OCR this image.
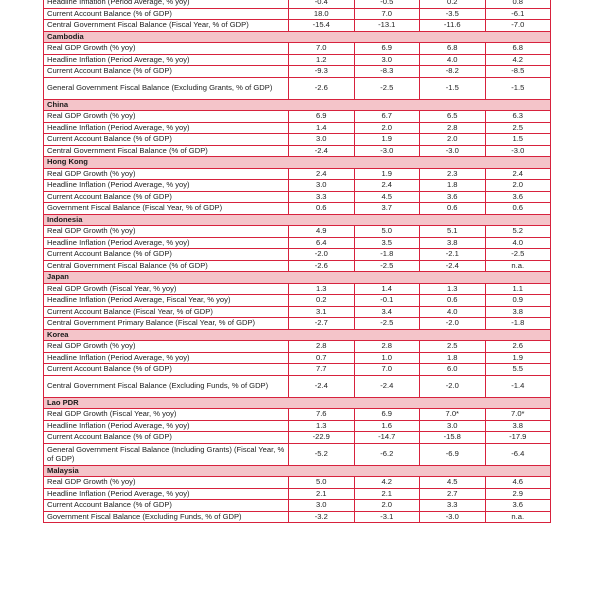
Headline Inflation (Period Average, % yoy)	-0.4	-0.5	0.2	0.8
Current Account Balance (% of GDP)	18.0	7.0	-3.5	-6.1
Central Government Fiscal Balance (Fiscal Year, % of GDP)	-15.4	-13.1	-11.6	-7.0
Cambodia				
Real GDP Growth (% yoy)	7.0	6.9	6.8	6.8
Headline Inflation (Period Average, % yoy)	1.2	3.0	4.0	4.2
Current Account Balance (% of GDP)	-9.3	-8.3	-8.2	-8.5
General Government Fiscal Balance (Excluding Grants, % of GDP)	-2.6	-2.5	-1.5	-1.5
China				
Real GDP Growth (% yoy)	6.9	6.7	6.5	6.3
Headline Inflation (Period Average, % yoy)	1.4	2.0	2.8	2.5
Current Account Balance (% of GDP)	3.0	1.9	2.0	1.5
Central Government Fiscal Balance (% of GDP)	-2.4	-3.0	-3.0	-3.0
Hong Kong				
Real GDP Growth (% yoy)	2.4	1.9	2.3	2.4
Headline Inflation (Period Average, % yoy)	3.0	2.4	1.8	2.0
Current Account Balance (% of GDP)	3.3	4.5	3.6	3.6
Government Fiscal Balance (Fiscal Year, % of GDP)	0.6	3.7	0.6	0.6
Indonesia				
Real GDP Growth (% yoy)	4.9	5.0	5.1	5.2
Headline Inflation (Period Average, % yoy)	6.4	3.5	3.8	4.0
Current Account Balance (% of GDP)	-2.0	-1.8	-2.1	-2.5
Central Government Fiscal Balance (% of GDP)	-2.6	-2.5	-2.4	n.a.
Japan				
Real GDP Growth (Fiscal Year, % yoy)	1.3	1.4	1.3	1.1
Headline Inflation (Period Average, Fiscal Year, % yoy)	0.2	-0.1	0.6	0.9
Current Account Balance (Fiscal Year, % of GDP)	3.1	3.4	4.0	3.8
Central Government Primary Balance (Fiscal Year, % of GDP)	-2.7	-2.5	-2.0	-1.8
Korea				
Real GDP Growth (% yoy)	2.8	2.8	2.5	2.6
Headline Inflation (Period Average, % yoy)	0.7	1.0	1.8	1.9
Current Account Balance (% of GDP)	7.7	7.0	6.0	5.5
Central Government Fiscal Balance (Excluding Funds, % of GDP)	-2.4	-2.4	-2.0	-1.4
Lao PDR				
Real GDP Growth (Fiscal Year, % yoy)	7.6	6.9	7.0*	7.0*
Headline Inflation (Period Average, % yoy)	1.3	1.6	3.0	3.8
Current Account Balance (% of GDP)	-22.9	-14.7	-15.8	-17.9
General Government Fiscal Balance (Including Grants) (Fiscal Year, % of GDP)	-5.2	-6.2	-6.9	-6.4
Malaysia				
Real GDP Growth (% yoy)	5.0	4.2	4.5	4.6
Headline Inflation (Period Average, % yoy)	2.1	2.1	2.7	2.9
Current Account Balance (% of GDP)	3.0	2.0	3.3	3.6
Government Fiscal Balance (Excluding Funds, % of GDP)	-3.2	-3.1	-3.0	n.a.
